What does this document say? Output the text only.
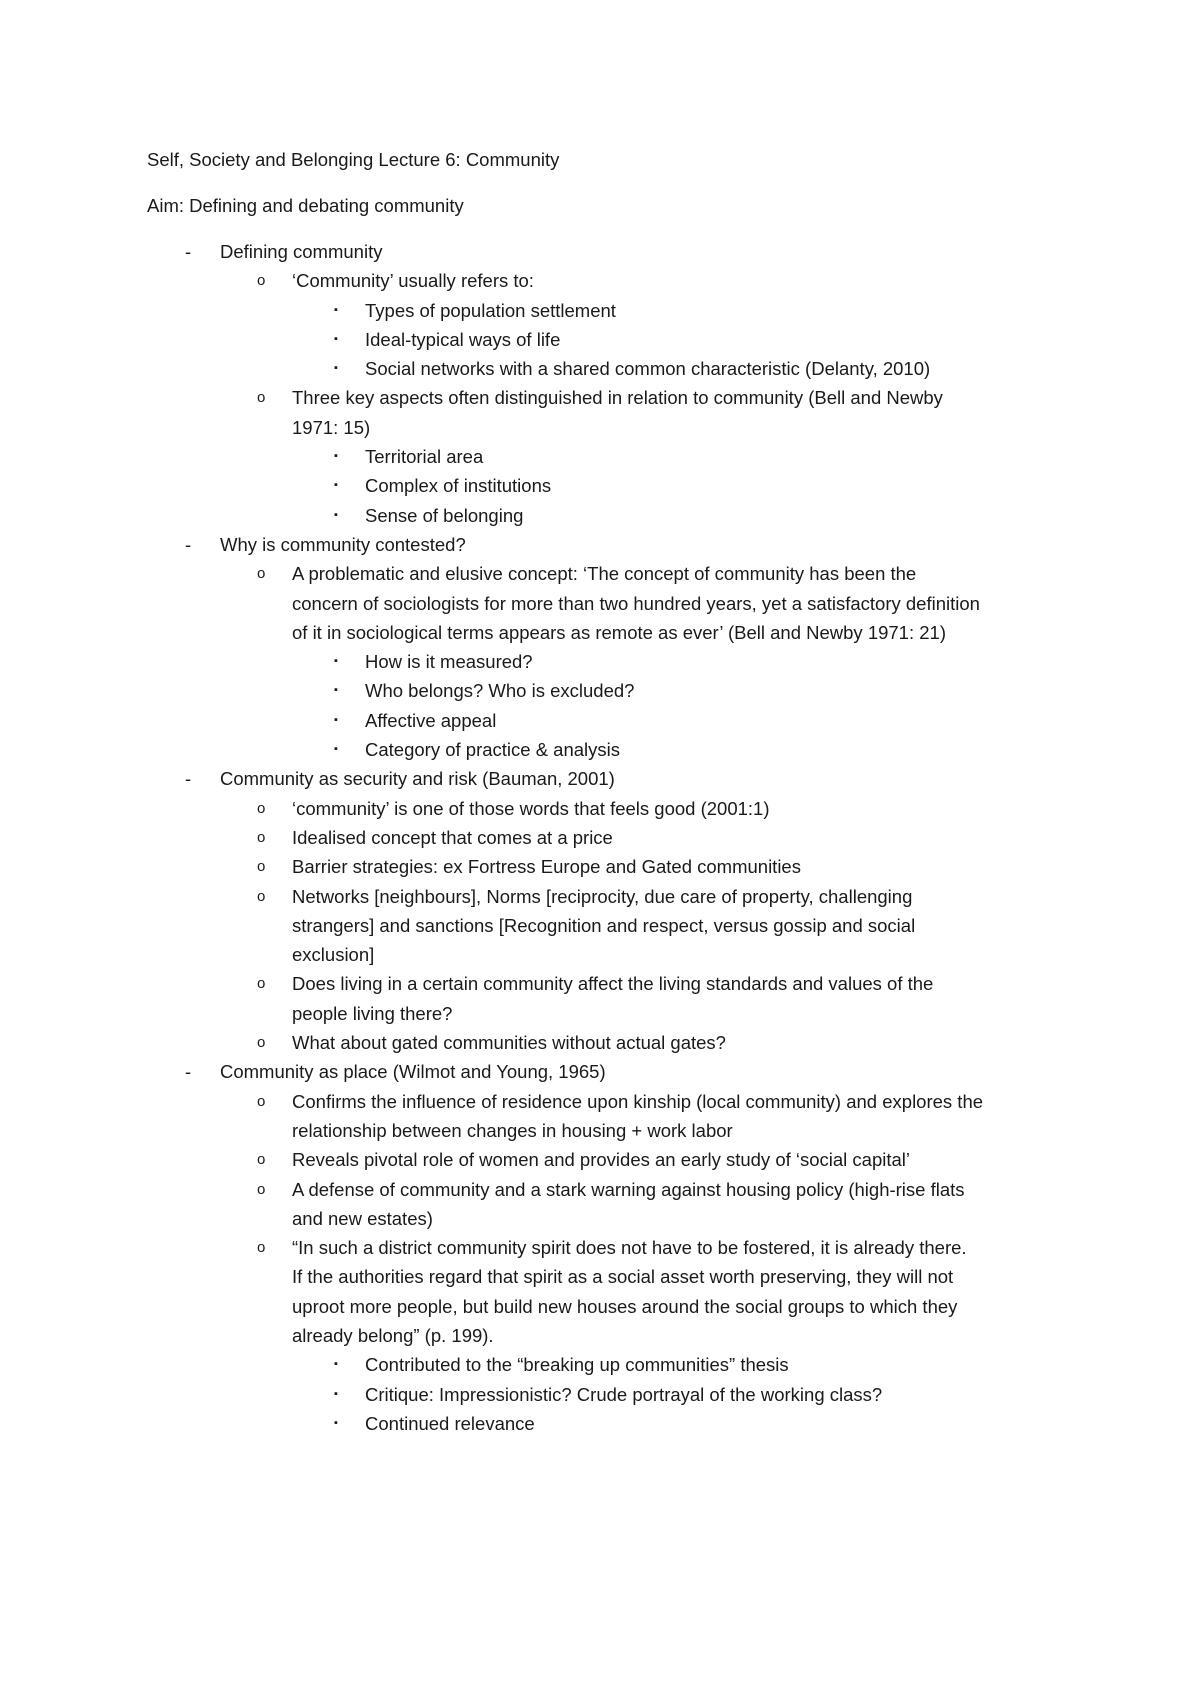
Self, Society and Belonging Lecture 6: Community

Aim: Defining and debating community

- Defining community
o ‘Community’ usually refers to:
▪ Types of population settlement
▪ Ideal-typical ways of life
▪ Social networks with a shared common characteristic (Delanty, 2010)
o Three key aspects often distinguished in relation to community (Bell and Newby
1971: 15)
▪ Territorial area
▪ Complex of institutions
▪ Sense of belonging
- Why is community contested?
o A problematic and elusive concept: ‘The concept of community has been the
concern of sociologists for more than two hundred years, yet a satisfactory definition
of it in sociological terms appears as remote as ever’ (Bell and Newby 1971: 21)
▪ How is it measured?
▪ Who belongs? Who is excluded?
▪ Affective appeal
▪ Category of practice & analysis
- Community as security and risk (Bauman, 2001)
o ‘community’ is one of those words that feels good (2001:1)
o Idealised concept that comes at a price
o Barrier strategies: ex Fortress Europe and Gated communities
o Networks [neighbours], Norms [reciprocity, due care of property, challenging
strangers] and sanctions [Recognition and respect, versus gossip and social
exclusion]
o Does living in a certain community affect the living standards and values of the
people living there?
o What about gated communities without actual gates?
- Community as place (Wilmot and Young, 1965)
o Confirms the influence of residence upon kinship (local community) and explores the
relationship between changes in housing + work labor
o Reveals pivotal role of women and provides an early study of ‘social capital’
o A defense of community and a stark warning against housing policy (high-rise flats
and new estates)
o “In such a district community spirit does not have to be fostered, it is already there.
If the authorities regard that spirit as a social asset worth preserving, they will not
uproot more people, but build new houses around the social groups to which they
already belong” (p. 199).
▪ Contributed to the “breaking up communities” thesis
▪ Critique: Impressionistic? Crude portrayal of the working class?
▪ Continued relevance
